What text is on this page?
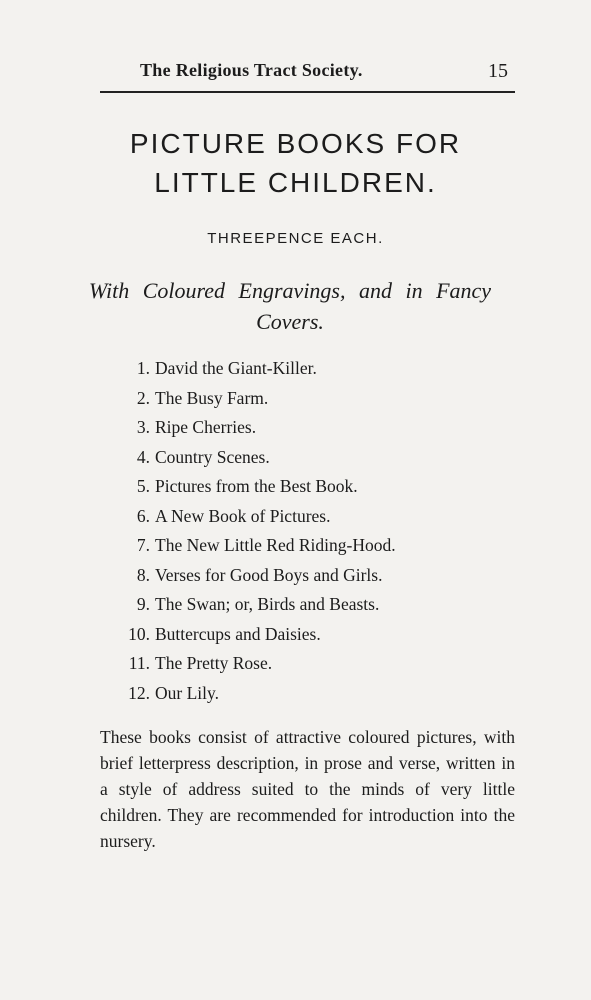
The Religious Tract Society.	15
PICTURE BOOKS FOR
LITTLE CHILDREN.
THREEPENCE EACH.
With Coloured Engravings, and in Fancy Covers.
1. David the Giant-Killer.
2. The Busy Farm.
3. Ripe Cherries.
4. Country Scenes.
5. Pictures from the Best Book.
6. A New Book of Pictures.
7. The New Little Red Riding-Hood.
8. Verses for Good Boys and Girls.
9. The Swan; or, Birds and Beasts.
10. Buttercups and Daisies.
11. The Pretty Rose.
12. Our Lily.

These books consist of attractive coloured pictures, with brief letterpress description, in prose and verse, written in a style of address suited to the minds of very little children. They are recommended for introduction into the nursery.
